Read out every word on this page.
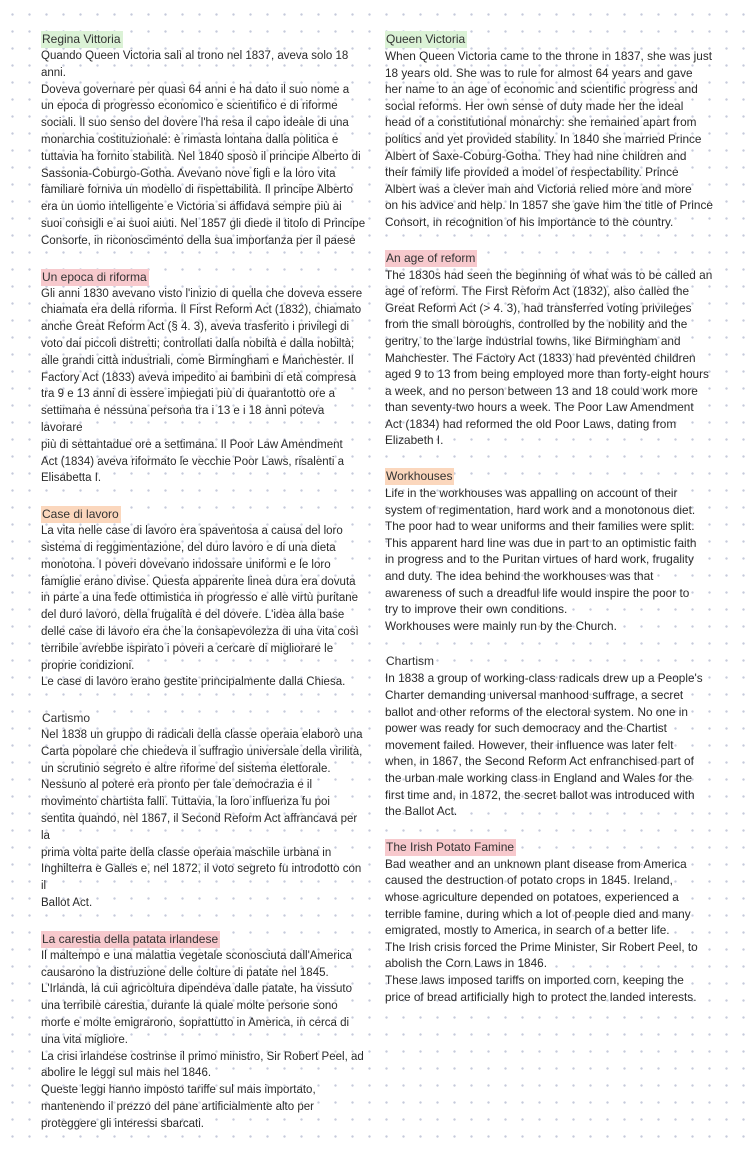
Regina Vittoria

Quando Queen Victoria salì al trono nel 1837, aveva solo 18 anni.
Doveva governare per quasi 64 anni e ha dato il suo nome a
un epoca di progresso economico e scientifico e di riforme
sociali. Il suo senso del dovere l'ha resa il capo ideale di una
monarchia costituzionale: è rimasta lontana dalla politica e
tuttavia ha fornito stabilità. Nel 1840 sposò il principe Alberto di
Sassonia-Coburgo-Gotha. Avevano nove figli e la loro vita
familiare forniva un modello di rispettabilità. Il principe Alberto
era un uomo intelligente e Victoria si affidava sempre più ai
suoi consigli e ai suoi aiuti. Nel 1857 gli diede il titolo di Principe
Consorte, in riconoscimento della sua importanza per il paese

Un epoca di riforma

Gli anni 1830 avevano visto l'inizio di quella che doveva essere
chiamata era della riforma. Il First Reform Act (1832), chiamato
anche Great Reform Act (§ 4. 3), aveva trasferito i privilegi di
voto dai piccoli distretti; controllati dalla nobiltà e dalla nobiltà;
alle grandi città industriali, come Birmingham e Manchester. Il
Factory Act (1833) aveva impedito ai bambini di età compresa
tra 9 e 13 anni di essere impiegati più di quarantotto ore a
settimana e nessuna persona tra i 13 e i 18 anni poteva lavorare
più di settantadue ore a settimana. Il Poor Law Amendment
Act (1834) aveva riformato le vecchie Poor Laws, risalenti a
Elisabetta I.

Case di lavoro

La vita nelle case di lavoro era spaventosa a causa del loro
sistema di reggimentazione, del duro lavoro e di una dieta
monotona. I poveri dovevano indossare uniformi e le loro
famiglie erano divise. Questa apparente linea dura era dovuta
in parte a una fede ottimistica in progresso e alle virtù puritane
del duro lavoro, della frugalità e del dovere. L'idea alla base
delle case di lavoro era che la consapevolezza di una vita così
terribile avrebbe ispirato i poveri a cercare di migliorare le
proprie condizioni.
Le case di lavoro erano gestite principalmente dalla Chiesa.

Cartismo

Nel 1838 un gruppo di radicali della classe operaia elaborò una
Carta popolare che chiedeva il suffragio universale della virilità,
un scrutinio segreto e altre riforme del sistema elettorale.
Nessuno al potere era pronto per tale democrazia e il
movimento chartista fallì. Tuttavia, la loro influenza fu poi
sentita quando, nel 1867, il Second Reform Act affrancava per la
prima volta parte della classe operaia maschile urbana in
Inghilterra e Galles e, nel 1872, il voto segreto fu introdotto con il
Ballot Act.

La carestia della patata irlandese

Il maltempo e una malattia vegetale sconosciuta dall'America
causarono la distruzione delle colture di patate nel 1845.
L'Irlanda, la cui agricoltura dipendeva dalle patate, ha vissuto
una terribile carestia, durante la quale molte persone sono
morte e molte emigrarono, soprattutto in America, in cerca di
una vita migliore.
La crisi irlandese costrinse il primo ministro, Sir Robert Peel, ad
abolire le leggi sul mais nel 1846.
Queste leggi hanno imposto tariffe sul mais importato,
mantenendo il prezzo del pane artificialmente alto per
proteggere gli interessi sbarcati.

Queen Victoria

When Queen Victoria came to the throne in 1837, she was just
18 years old. She was to rule for almost 64 years and gave
her name to an age of economic and scientific progress and
social reforms. Her own sense of duty made her the ideal
head of a constitutional monarchy: she remained apart from
politics and yet provided stability. In 1840 she married Prince
Albert of Saxe-Coburg-Gotha. They had nine children and
their family life provided a model of respectability. Prince
Albert was a clever man and Victoria relied more and more
on his advice and help. In 1857 she gave him the title of Prince
Consort, in recognition of his importance to the country.

An age of reform

The 1830s had seen the beginning of what was to be called an
age of reform. The First Reform Act (1832), also called the
Great Reform Act (> 4. 3), had transferred voting privileges
from the small boroughs, controlled by the nobility and the
gentry, to the large industrial towns, like Birmingham and
Manchester. The Factory Act (1833) had prevented children
aged 9 to 13 from being employed more than forty-eight hours
a week, and no person between 13 and 18 could work more
than seventy-two hours a week. The Poor Law Amendment
Act (1834) had reformed the old Poor Laws, dating from
Elizabeth I.

Workhouses

Life in the workhouses was appalling on account of their
system of regimentation, hard work and a monotonous diet.
The poor had to wear uniforms and their families were split.
This apparent hard line was due in part to an optimistic faith
in progress and to the Puritan virtues of hard work, frugality
and duty. The idea behind the workhouses was that
awareness of such a dreadful life would inspire the poor to
try to improve their own conditions.
Workhouses were mainly run by the Church.

Chartism

In 1838 a group of working-class radicals drew up a People's
Charter demanding universal manhood suffrage, a secret
ballot and other reforms of the electoral system. No one in
power was ready for such democracy and the Chartist
movement failed. However, their influence was later felt
when, in 1867, the Second Reform Act enfranchised part of
the urban male working class in England and Wales for the
first time and, in 1872, the secret ballot was introduced with
the Ballot Act.

The Irish Potato Famine

Bad weather and an unknown plant disease from America
caused the destruction of potato crops in 1845. Ireland,
whose agriculture depended on potatoes, experienced a
terrible famine, during which a lot of people died and many
emigrated, mostly to America, in search of a better life.
The Irish crisis forced the Prime Minister, Sir Robert Peel, to
abolish the Corn Laws in 1846.
These laws imposed tariffs on imported corn, keeping the
price of bread artificially high to protect the landed interests.
